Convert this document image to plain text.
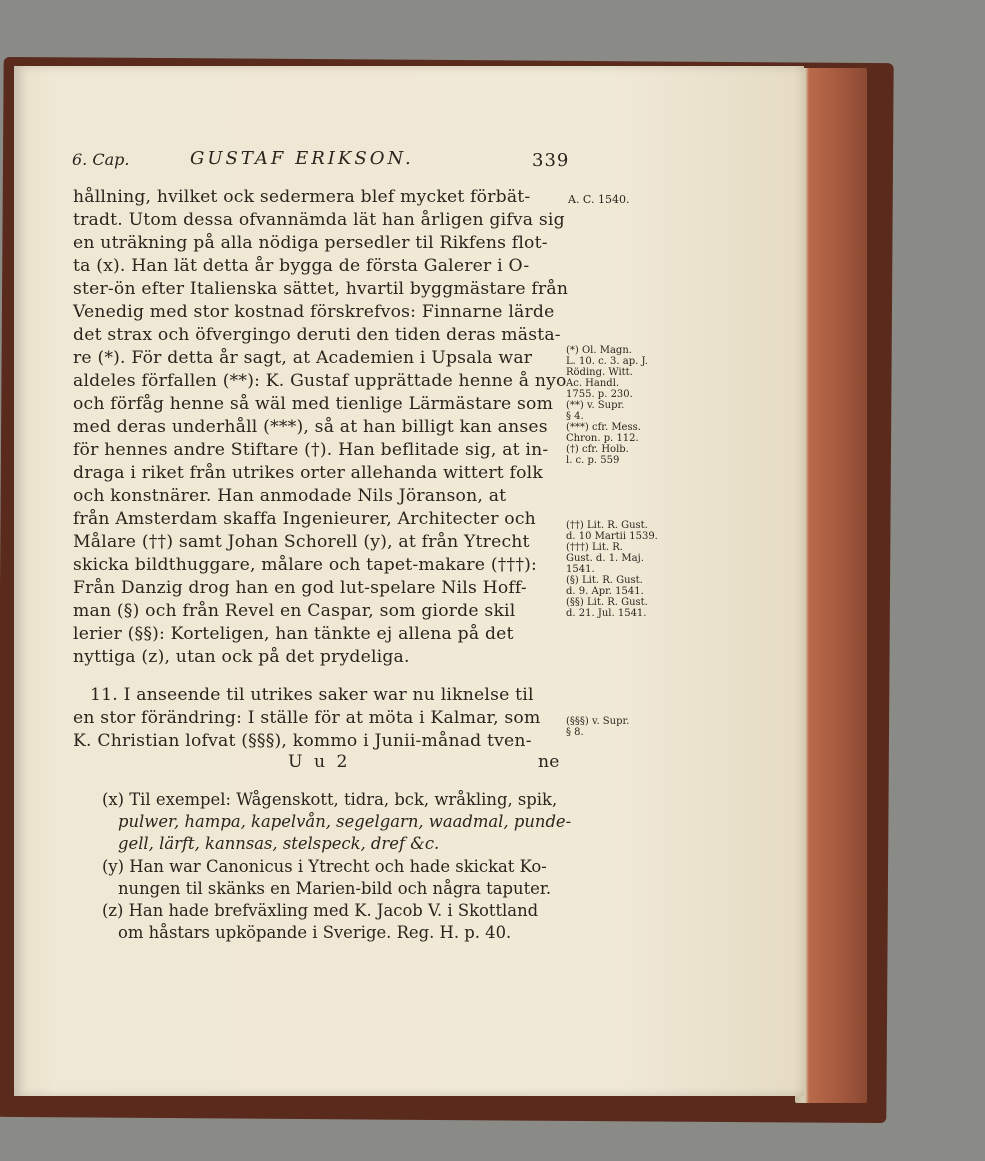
6. Cap.	GUSTAF ERIKSON.	339
hållning, hvilket ock sedermera blef mycket förbät-
tradt. Utom dessa ofvannämda lät han årligen gifva sig
en uträkning på alla nödiga persedler til Rikfens flot-
ta (x). Han lät detta år bygga de första Galerer i O-
ster-ön efter Italienska sättet, hvartil byggmästare från
Venedig med stor kostnad förskrefvos: Finnarne lärde
det strax och öfvergingo deruti den tiden deras mästa-
re (*). För detta år sagt, at Academien i Upsala war
aldeles förfallen (**): K. Gustaf upprättade henne å nyo
och förfåg henne så wäl med tienlige Lärmästare som
med deras underhåll (***), så at han billigt kan anses
för hennes andre Stiftare (†). Han beflitade sig, at in-
draga i riket från utrikes orter allehanda wittert folk
och konstnärer. Han anmodade Nils Jöranson, at
från Amsterdam skaffa Ingenieurer, Architecter och
Målare (††) samt Johan Schorell (y), at från Ytrecht
skicka bildthuggare, målare och tapet-makare (†††):
Från Danzig drog han en god lut-spelare Nils Hoff-
man (§) och från Revel en Caspar, som giorde skil
lerier (§§): Korteligen, han tänkte ej allena på det
nyttiga (z), utan ock på det prydeliga.
11. I anseende til utrikes saker war nu liknelse til
en stor förändring: I ställe för at möta i Kalmar, som
K. Christian lofvat (§§§), kommo i Junii-månad tven-
U u 2	ne
(x) Til exempel: Wågenskott, tidra, bck, wråkling, spik,
pulwer, hampa, kapelvån, segelgarn, waadmal, punde-
gell, lärft, kannsas, stelspeck, dref &c.
(y) Han war Canonicus i Ytrecht och hade skickat Ko-
nungen til skänks en Marien-bild och några taputer.
(z) Han hade brefväxling med K. Jacob V. i Skottland
om håstars upköpande i Sverige. Reg. H. p. 40.
A. C. 1540.
(*) Ol. Magn.
L. 10. c. 3. ap. J.
Röding. Witt.
Ac. Handl.
1755. p. 230.
(**) v. Supr.
§ 4.
(***) cfr. Mess.
Chron. p. 112.
(†) cfr. Holb.
l. c. p. 559
(††) Lit. R. Gust.
d. 10 Martii 1539.
(†††) Lit. R.
Gust. d. 1. Maj.
1541.
(§) Lit. R. Gust.
d. 9. Apr. 1541.
(§§) Lit. R. Gust.
d. 21. Jul. 1541.
(§§§) v. Supr.
§ 8.
